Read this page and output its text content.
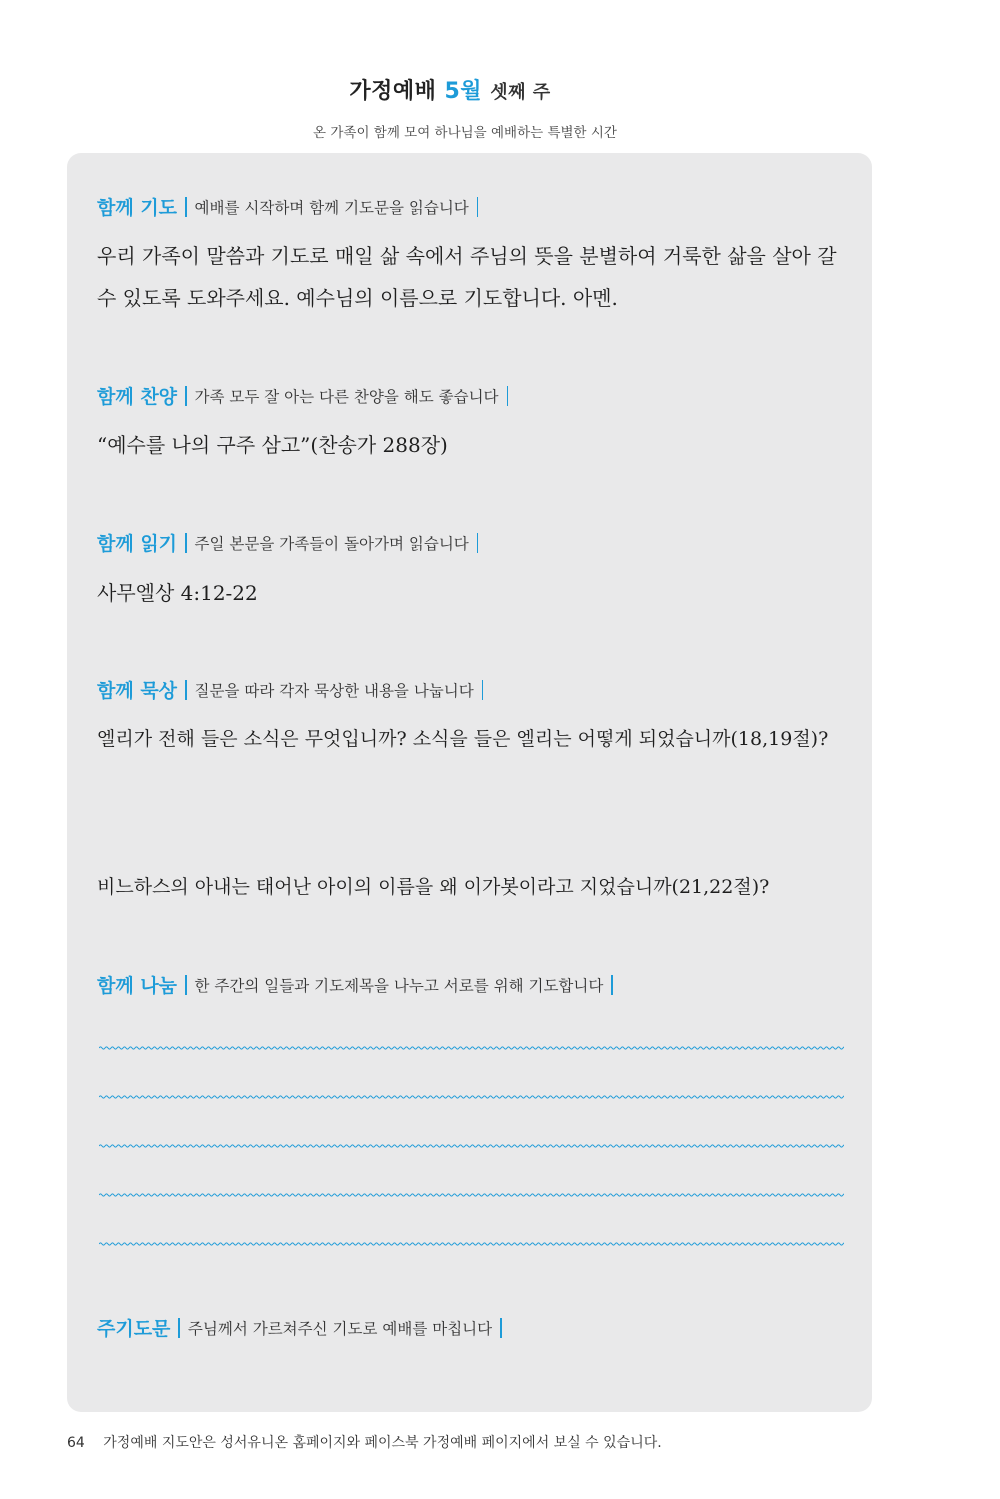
가정예배 5월 셋째 주
온 가족이 함께 모여 하나님을 예배하는 특별한 시간
함께 기도 예배를 시작하며 함께 기도문을 읽습니다
우리 가족이 말씀과 기도로 매일 삶 속에서 주님의 뜻을 분별하여 거룩한 삶을 살아 갈 수 있도록 도와주세요. 예수님의 이름으로 기도합니다. 아멘.
함께 찬양 가족 모두 잘 아는 다른 찬양을 해도 좋습니다
“예수를 나의 구주 삼고”(찬송가 288장)
함께 읽기 주일 본문을 가족들이 돌아가며 읽습니다
사무엘상 4:12-22
함께 묵상 질문을 따라 각자 묵상한 내용을 나눕니다
엘리가 전해 들은 소식은 무엇입니까? 소식을 들은 엘리는 어떻게 되었습니까(18,19절)?
비느하스의 아내는 태어난 아이의 이름을 왜 이가봇이라고 지었습니까(21,22절)?
함께 나눔 한 주간의 일들과 기도제목을 나누고 서로를 위해 기도합니다
주기도문 주님께서 가르쳐주신 기도로 예배를 마칩니다
64 가정예배 지도안은 성서유니온 홈페이지와 페이스북 가정예배 페이지에서 보실 수 있습니다.
